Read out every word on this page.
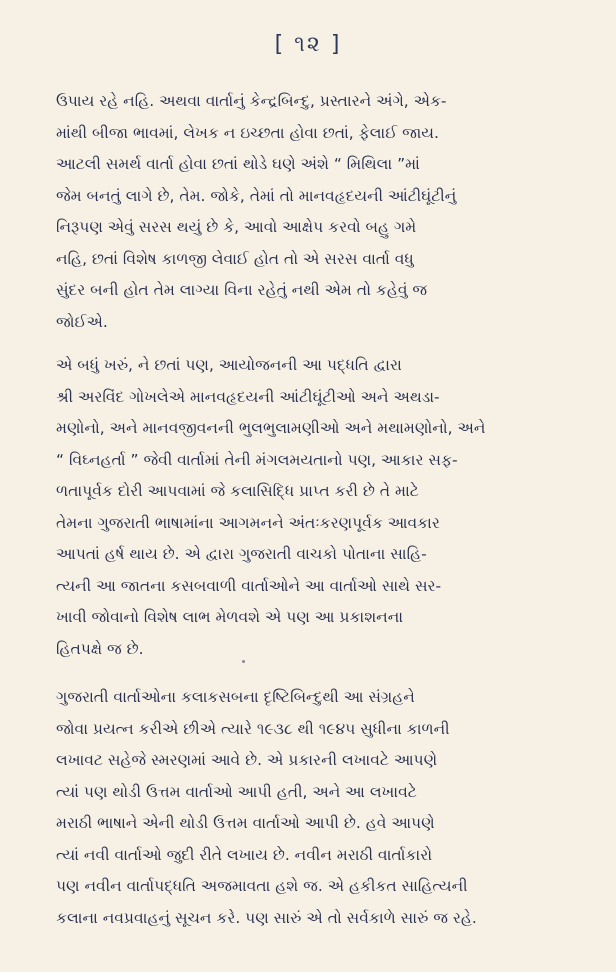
[ ૧૨ ]

ઉપાય રહે નહિ. અથવા વાર્તાનું કેન્દ્રબિન્દુ, પ્રસ્તારને અંગે, એક-
માંથી બીજા ભાવમાં, લેખક ન ઇચ્છતા હોવા છતાં, ફેલાઈ જાય.
આટલી સમર્થ વાર્તા હોવા છતાં થોડે ઘણે અંશે “ મિથિલા ”માં
જેમ બનતું લાગે છે, તેમ. જોકે, તેમાં તો માનવહૃદયની આંટીઘૂંટીનું
નિરૂપણ એવું સરસ થયું છે કે, આવો આક્ષેપ કરવો બહુ ગમે
નહિ, છતાં વિશેષ કાળજી લેવાઈ હોત તો એ સરસ વાર્તા વધુ
સુંદર બની હોત તેમ લાગ્યા વિના રહેતું નથી એમ તો કહેવું જ
જોઈએ.

એ બધું ખરું, ને છતાં પણ, આયોજનની આ પદ્ધતિ દ્વારા
શ્રી અરવિંદ ગોખલેએ માનવહૃદયની આંટીઘૂંટીઓ અને અથડા-
મણોનો, અને માનવજીવનની ભુલભુલામણીઓ અને મથામણોનો, અને
“ વિઘ્નહર્તા ” જેવી વાર્તામાં તેની મંગલમયતાનો પણ, આકાર સફ-
ળતાપૂર્વક દોરી આપવામાં જે કલાસિદ્ધિ પ્રાપ્ત કરી છે તે માટે
તેમના ગુજરાતી ભાષામાંના આગમનને અંતઃકરણપૂર્વક આવકાર
આપતાં હર્ષ થાય છે. એ દ્વારા ગુજરાતી વાચકો પોતાના સાહિ-
ત્યની આ જાતના કસબવાળી વાર્તાઓને આ વાર્તાઓ સાથે સર-
ખાવી જોવાનો વિશેષ લાભ મેળવશે એ પણ આ પ્રકાશનના
હિતપક્ષે જ છે.

ગુજરાતી વાર્તાઓના કલાકસબના દૃષ્ટિબિન્દુથી આ સંગ્રહને
જોવા પ્રયત્ન કરીએ છીએ ત્યારે ૧૯૩૮ થી ૧૯૪૫ સુધીના કાળની
લખાવટ સહેજે સ્મરણમાં આવે છે. એ પ્રકારની લખાવટે આપણે
ત્યાં પણ થોડી ઉત્તમ વાર્તાઓ આપી હતી, અને આ લખાવટે
મરાઠી ભાષાને એની થોડી ઉત્તમ વાર્તાઓ આપી છે. હવે આપણે
ત્યાં નવી વાર્તાઓ જુદી રીતે લખાય છે. નવીન મરાઠી વાર્તાકારો
પણ નવીન વાર્તાપદ્ધતિ અજમાવતા હશે જ. એ હકીકત સાહિત્યની
કલાના નવપ્રવાહનું સૂચન કરે. પણ સારું એ તો સર્વકાળે સારું જ રહે.
